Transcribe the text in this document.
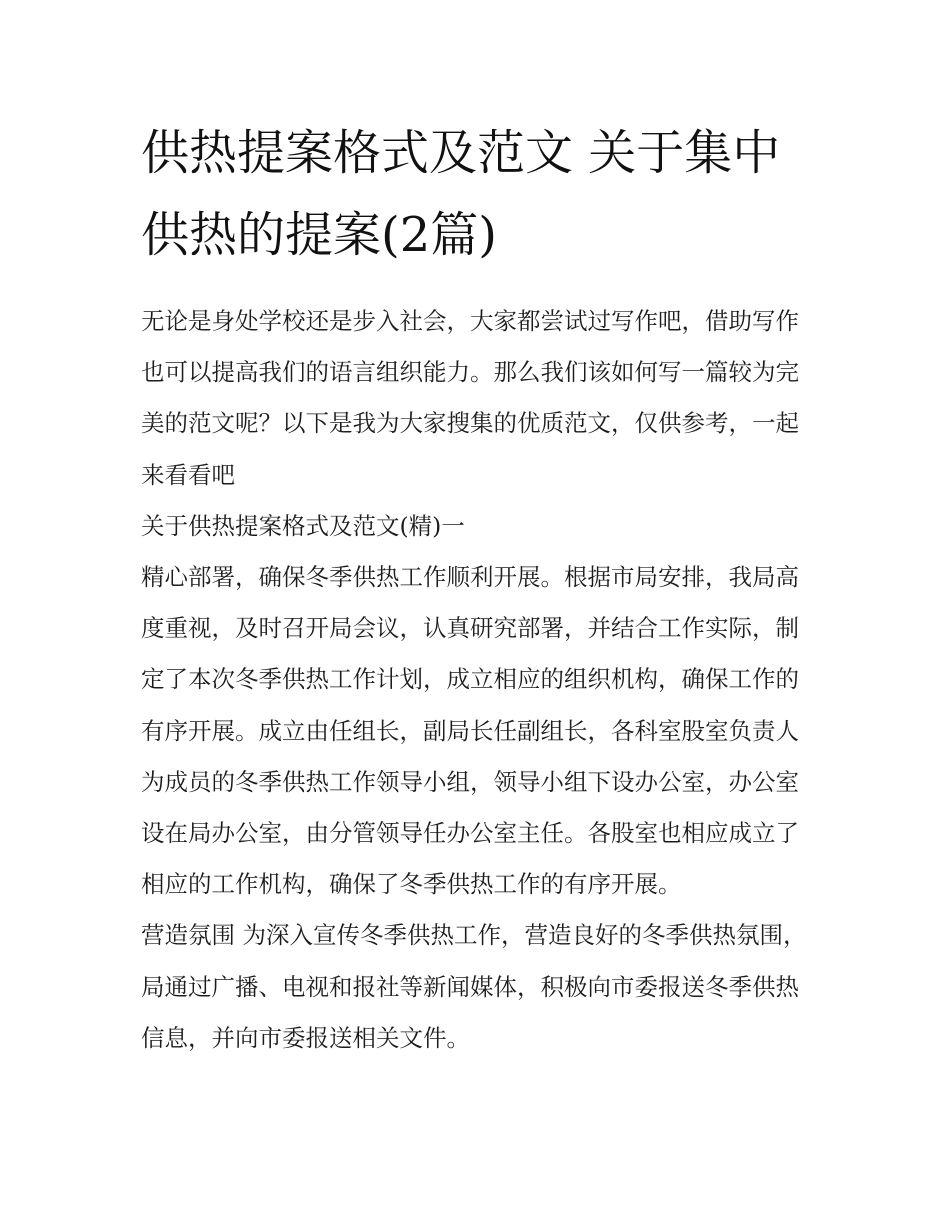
供热提案格式及范文 关于集中供热的提案(2篇)

无论是身处学校还是步入社会，大家都尝试过写作吧，借助写作也可以提高我们的语言组织能力。那么我们该如何写一篇较为完美的范文呢？以下是我为大家搜集的优质范文，仅供参考，一起来看看吧

关于供热提案格式及范文(精)一

精心部署，确保冬季供热工作顺利开展。根据市局安排，我局高度重视，及时召开局会议，认真研究部署，并结合工作实际，制定了本次冬季供热工作计划，成立相应的组织机构，确保工作的有序开展。成立由任组长，副局长任副组长，各科室股室负责人为成员的冬季供热工作领导小组，领导小组下设办公室，办公室设在局办公室，由分管领导任办公室主任。各股室也相应成立了相应的工作机构，确保了冬季供热工作的有序开展。

营造氛围 为深入宣传冬季供热工作，营造良好的冬季供热氛围，局通过广播、电视和报社等新闻媒体，积极向市委报送冬季供热信息，并向市委报送相关文件。
